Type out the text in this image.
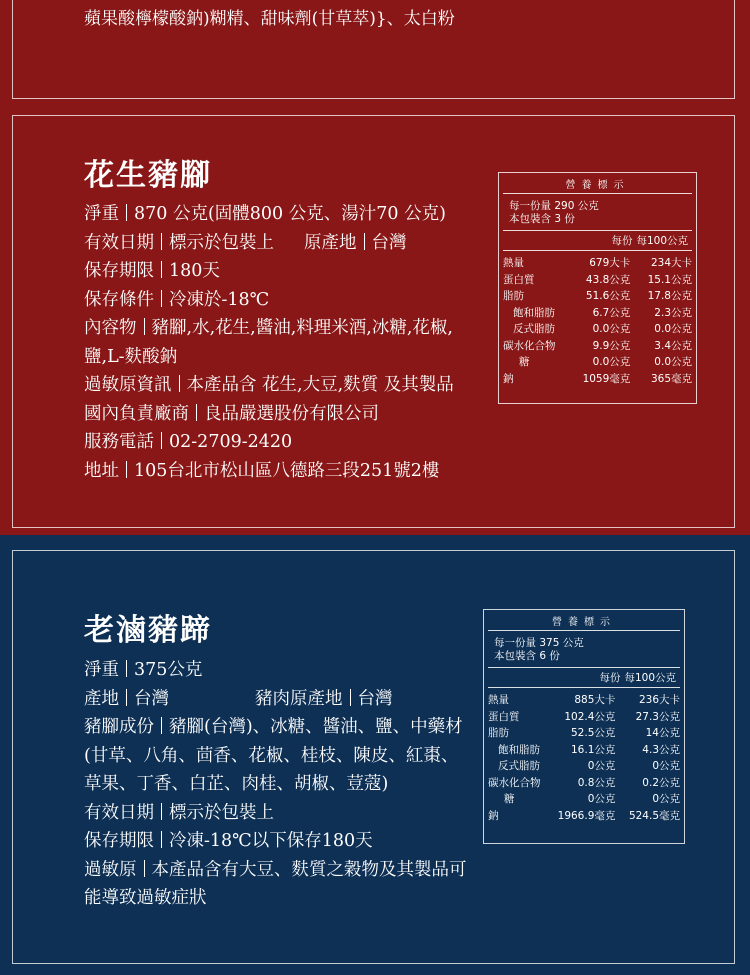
蘋果酸檸檬酸鈉)糊精、甜味劑(甘草萃)}、太白粉
花生豬腳
淨重 870 公克(固體800 公克、湯汁70 公克)
有效日期 標示於包裝上 原產地 台灣
保存期限 180天
保存條件 冷凍於-18℃
內容物 豬腳,水,花生,醬油,料理米酒,冰糖,花椒,鹽,L-麩酸鈉
過敏原資訊 本產品含 花生,大豆,麩質 及其製品
國內負責廠商 良品嚴選股份有限公司
服務電話 02-2709-2420
地址 105台北市松山區八德路三段251號2樓
營養標示
每一份量 290 公克
本包裝含 3 份
每份 每100公克
熱量	679大卡	234大卡
蛋白質	43.8公克	15.1公克
脂肪	51.6公克	17.8公克
飽和脂肪	6.7公克	2.3公克
反式脂肪	0.0公克	0.0公克
碳水化合物	9.9公克	3.4公克
糖	0.0公克	0.0公克
鈉	1059毫克	365毫克
老滷豬蹄
淨重 375公克
產地 台灣	豬肉原產地 台灣
豬腳成份 豬腳(台灣)、冰糖、醬油、鹽、中藥材(甘草、八角、茴香、花椒、桂枝、陳皮、紅棗、草果、丁香、白芷、肉桂、胡椒、荳蔻)
有效日期 標示於包裝上
保存期限 冷凍-18℃以下保存180天
過敏原 本產品含有大豆、麩質之穀物及其製品可能導致過敏症狀
營養標示
每一份量 375 公克
本包裝含 6 份
每份 每100公克
熱量	885大卡	236大卡
蛋白質	102.4公克	27.3公克
脂肪	52.5公克	14公克
飽和脂肪	16.1公克	4.3公克
反式脂肪	0公克	0公克
碳水化合物	0.8公克	0.2公克
糖	0公克	0公克
鈉	1966.9毫克	524.5毫克
